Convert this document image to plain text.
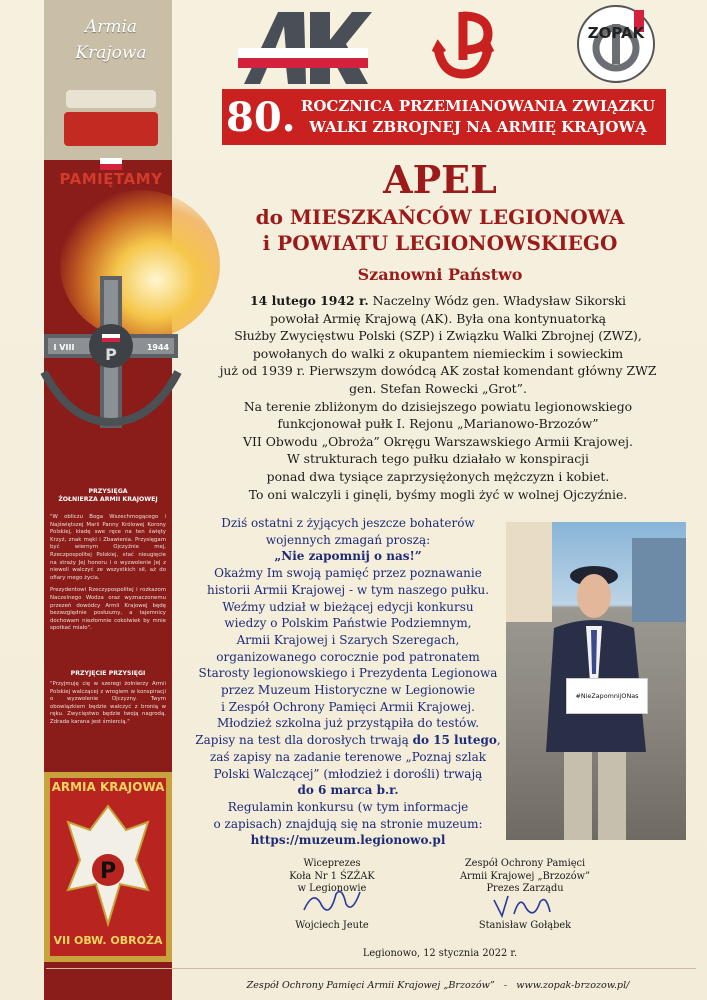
Armia
Krajowa
PAMIĘTAMY
P
I VIII	1944
PRZYSIĘGA
ŻOŁNIERZA ARMII KRAJOWEJ

"W obliczu Boga Wszechmogącego i Najświętszej Marii Panny Królowej Korony Polskiej, kładę swe ręce na ten święty Krzyż, znak męki i Zbawienia. Przysięgam być wiernym Ojczyźnie mej, Rzeczpospolitej Polskiej, stać nieugięcie na straży Jej honoru i o wyzwolenie Jej z niewoli walczyć ze wszystkich sił, aż do ofiary mego życia.

Prezydentowi Rzeczypospolitej i rozkazom Naczelnego Wodza oraz wyznaczonemu przezeń dowódcy Armii Krajowej będę bezwzględnie posłuszny, a tajemnicy dochowam niezłomnie cokolwiek by mnie spotkać miało".

PRZYJĘCIE PRZYSIĘGI
"Przyjmuję cię w szeregi żołnierzy Armii Polskiej walczącej z wrogiem w konspiracji o wyzwolenie Ojczyzny. Twym obowiązkiem będzie walczyć z bronią w ręku. Zwycięstwo będzie twoją nagrodą. Zdrada karana jest śmiercią."
ARMIA KRAJOWA
P
VII OBW. OBROŻA
AK
ZOPAK
80. ROCZNICA PRZEMIANOWANIA ZWIĄZKU
WALKI ZBROJNEJ NA ARMIĘ KRAJOWĄ
APEL
do MIESZKAŃCÓW LEGIONOWA
i POWIATU LEGIONOWSKIEGO
Szanowni Państwo
14 lutego 1942 r. Naczelny Wódz gen. Władysław Sikorski
powołał Armię Krajową (AK). Była ona kontynuatorką
Służby Zwycięstwu Polski (SZP) i Związku Walki Zbrojnej (ZWZ),
powołanych do walki z okupantem niemieckim i sowieckim
już od 1939 r. Pierwszym dowódcą AK został komendant główny ZWZ
gen. Stefan Rowecki „Grot”.
Na terenie zbliżonym do dzisiejszego powiatu legionowskiego
funkcjonował pułk I. Rejonu „Marianowo-Brzozów”
VII Obwodu „Obroża” Okręgu Warszawskiego Armii Krajowej.
W strukturach tego pułku działało w konspiracji
ponad dwa tysiące zaprzysiężonych mężczyzn i kobiet.
To oni walczyli i ginęli, byśmy mogli żyć w wolnej Ojczyźnie.
Dziś ostatni z żyjących jeszcze bohaterów
wojennych zmagań proszą:
„Nie zapomnij o nas!”
Okażmy Im swoją pamięć przez poznawanie
historii Armii Krajowej - w tym naszego pułku.
Weźmy udział w bieżącej edycji konkursu
wiedzy o Polskim Państwie Podziemnym,
Armii Krajowej i Szarych Szeregach,
organizowanego corocznie pod patronatem
Starosty legionowskiego i Prezydenta Legionowa
przez Muzeum Historyczne w Legionowie
i Zespół Ochrony Pamięci Armii Krajowej.
Młodzież szkolna już przystąpiła do testów.
Zapisy na test dla dorosłych trwają do 15 lutego,
zaś zapisy na zadanie terenowe „Poznaj szlak
Polski Walczącej” (młodzież i dorośli) trwają
do 6 marca b.r.
Regulamin konkursu (w tym informacje
o zapisach) znajdują się na stronie muzeum:
https://muzeum.legionowo.pl
#NieZapomnijONas
Wiceprezes
Koła Nr 1 ŚZŻAK
w Legionowie
Wojciech Jeute
Zespół Ochrony Pamięci
Armii Krajowej „Brzozów”
Prezes Zarządu
Stanisław Gołąbek
Legionowo, 12 stycznia 2022 r.
Zespół Ochrony Pamięci Armii Krajowej „Brzozów”   -   www.zopak-brzozow.pl/
